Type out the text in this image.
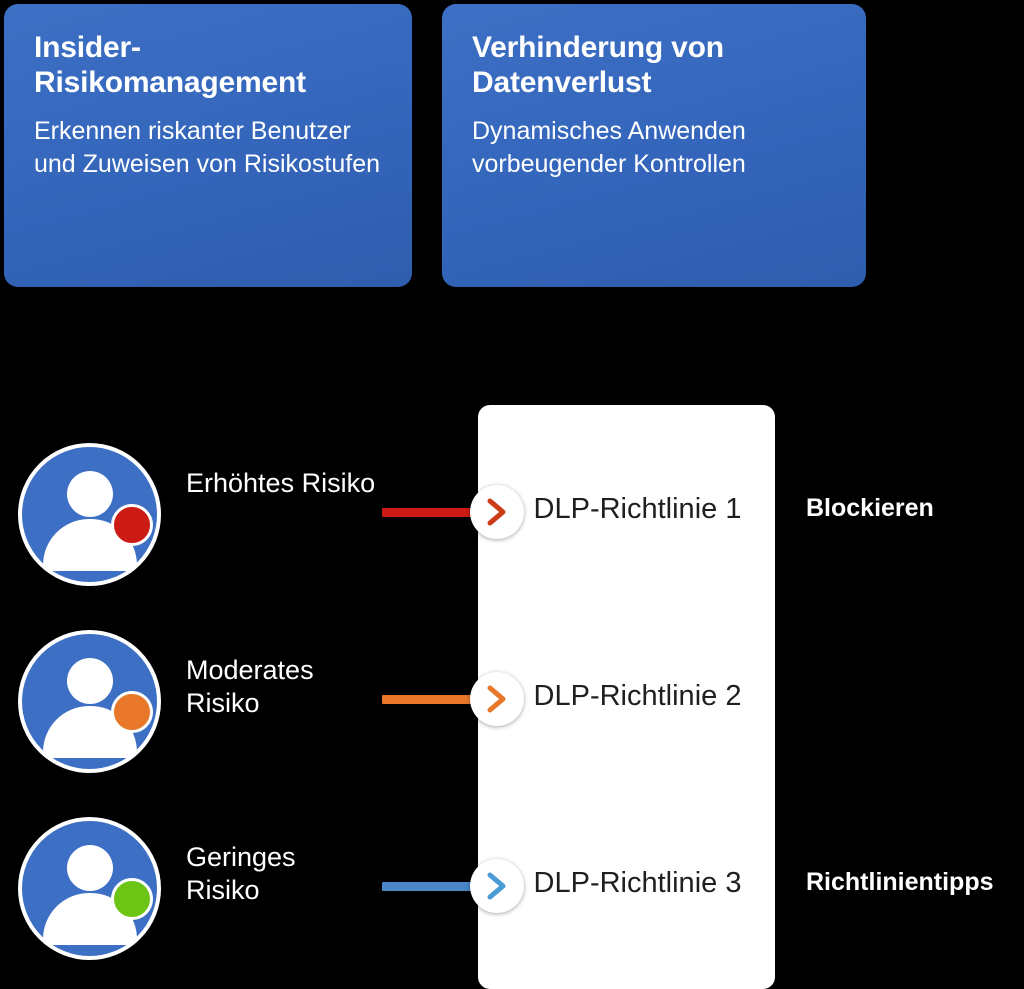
Insider-Risikomanagement
Erkennen riskanter Benutzer und Zuweisen von Risikostufen
Verhinderung von Datenverlust
Dynamisches Anwenden vorbeugender Kontrollen
Erhöhtes Risiko
DLP-Richtlinie 1	Blockieren
Moderates Risiko	DLP-Richtlinie 2
Geringes Risiko	DLP-Richtlinie 3	Richtlinientipps
